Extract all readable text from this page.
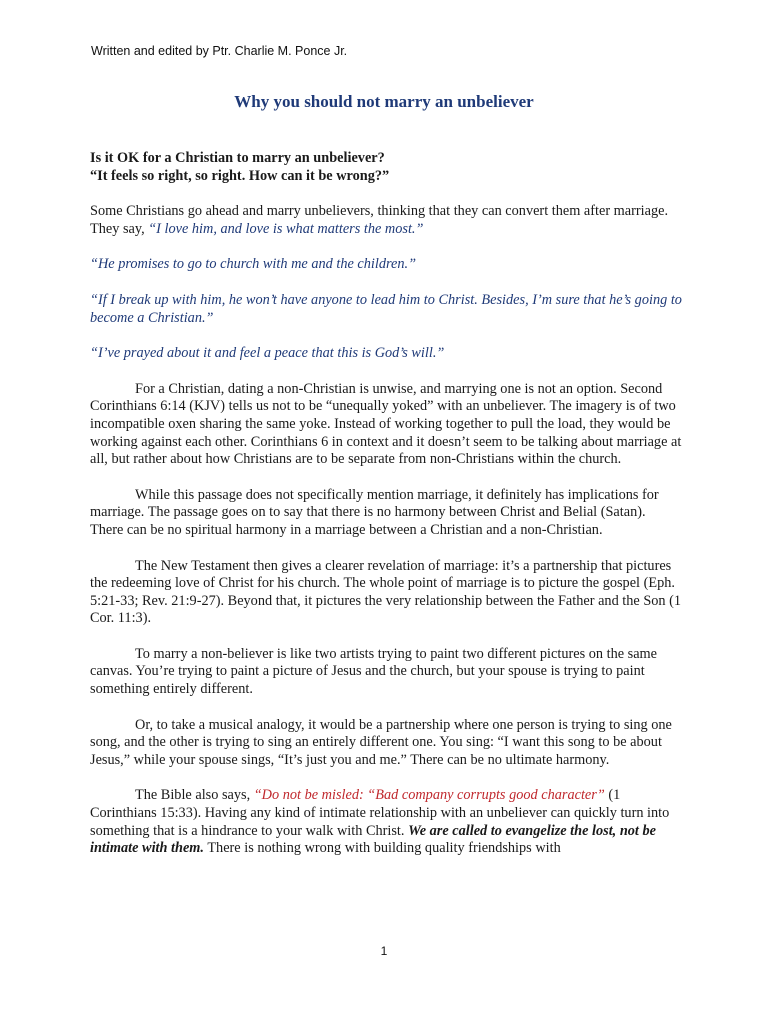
Written and edited by Ptr. Charlie M. Ponce Jr.
Why you should not marry an unbeliever

Is it OK for a Christian to marry an unbeliever?

“It feels so right, so right. How can it be wrong?”

Some Christians go ahead and marry unbelievers, thinking that they can convert them after marriage. They say, “I love him, and love is what matters the most.”

“He promises to go to church with me and the children.”

“If I break up with him, he won’t have anyone to lead him to Christ. Besides, I’m sure that he’s going to become a Christian.”

“I’ve prayed about it and feel a peace that this is God’s will.”

For a Christian, dating a non-Christian is unwise, and marrying one is not an option. Second Corinthians 6:14 (KJV) tells us not to be “unequally yoked” with an unbeliever. The imagery is of two incompatible oxen sharing the same yoke. Instead of working together to pull the load, they would be working against each other. Corinthians 6 in context and it doesn’t seem to be talking about marriage at all, but rather about how Christians are to be separate from non-Christians within the church.

While this passage does not specifically mention marriage, it definitely has implications for marriage. The passage goes on to say that there is no harmony between Christ and Belial (Satan). There can be no spiritual harmony in a marriage between a Christian and a non-Christian.

The New Testament then gives a clearer revelation of marriage: it’s a partnership that pictures the redeeming love of Christ for his church. The whole point of marriage is to picture the gospel (Eph. 5:21-33; Rev. 21:9-27). Beyond that, it pictures the very relationship between the Father and the Son (1 Cor. 11:3).

To marry a non-believer is like two artists trying to paint two different pictures on the same canvas. You’re trying to paint a picture of Jesus and the church, but your spouse is trying to paint something entirely different.

Or, to take a musical analogy, it would be a partnership where one person is trying to sing one song, and the other is trying to sing an entirely different one. You sing: “I want this song to be about Jesus,” while your spouse sings, “It’s just you and me.” There can be no ultimate harmony.

The Bible also says, “Do not be misled: “Bad company corrupts good character” (1 Corinthians 15:33). Having any kind of intimate relationship with an unbeliever can quickly turn into something that is a hindrance to your walk with Christ. We are called to evangelize the lost, not be intimate with them. There is nothing wrong with building quality friendships with

1
